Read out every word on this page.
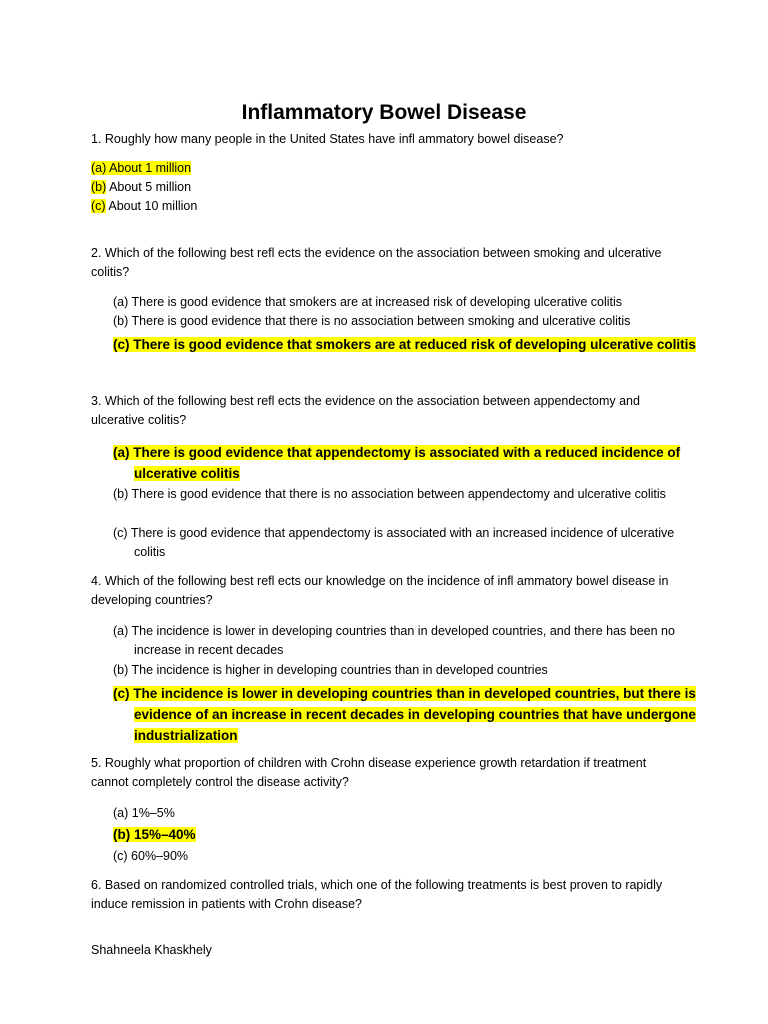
Inflammatory Bowel Disease
1. Roughly how many people in the United States have infl ammatory bowel disease?
(a) About 1 million
(b) About 5 million
(c) About 10 million
2. Which of the following best refl ects the evidence on the association between smoking and ulcerative colitis?
(a) There is good evidence that smokers are at increased risk of developing ulcerative colitis
(b) There is good evidence that there is no association between smoking and ulcerative colitis
(c) There is good evidence that smokers are at reduced risk of developing ulcerative colitis
3. Which of the following best refl ects the evidence on the association between appendectomy and ulcerative colitis?
(a) There is good evidence that appendectomy is associated with a reduced incidence of ulcerative colitis
(b) There is good evidence that there is no association between appendectomy and ulcerative colitis
(c) There is good evidence that appendectomy is associated with an increased incidence of ulcerative colitis
4. Which of the following best refl ects our knowledge on the incidence of infl ammatory bowel disease in developing countries?
(a) The incidence is lower in developing countries than in developed countries, and there has been no increase in recent decades
(b) The incidence is higher in developing countries than in developed countries
(c) The incidence is lower in developing countries than in developed countries, but there is evidence of an increase in recent decades in developing countries that have undergone industrialization
5. Roughly what proportion of children with Crohn disease experience growth retardation if treatment cannot completely control the disease activity?
(a) 1%–5%
(b) 15%–40%
(c) 60%–90%
6. Based on randomized controlled trials, which one of the following treatments is best proven to rapidly induce remission in patients with Crohn disease?
Shahneela Khaskhely
